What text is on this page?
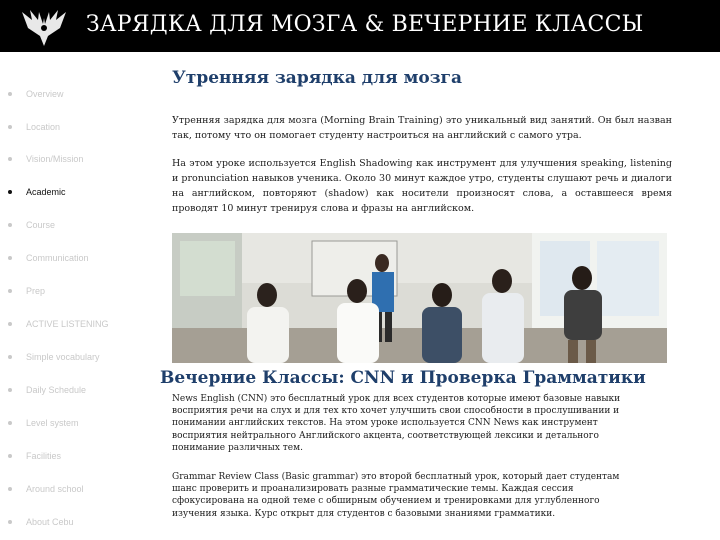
ЗАРЯДКА ДЛЯ МОЗГА & ВЕЧЕРНИЕ КЛАССЫ
Overview
Location
Vision/Mission
Academic
Course
Communication
Prep
ACTIVE LISTENING
Simple vocabulary
Daily Schedule
Level system
Facilities
Around school
About Cebu
Утренняя зарядка для мозга
Утренняя зарядка для мозга (Morning Brain Training) это уникальный вид занятий. Он был назван так, потому что он помогает студенту настроиться на английский с самого утра.
На этом уроке используется English Shadowing как инструмент для улучшения speaking, listening и pronunciation навыков ученика. Около 30 минут каждое утро, студенты слушают речь и диалоги на английском, повторяют (shadow) как носители произносят слова, а оставшееся время проводят 10 минут тренируя слова и фразы на английском.
Вечерние Классы: CNN и Проверка Грамматики
News English (CNN) это бесплатный урок для всех студентов которые имеют базовые навыки восприятия речи на слух и для тех кто хочет улучшить свои способности в прослушивании и понимании английских текстов. На этом уроке используется CNN News как инструмент восприятия нейтрального Английского акцента, соответствующей лексики и детального понимание различных тем.
Grammar Review Class (Basic grammar) это второй бесплатный урок, который дает студентам шанс проверить и проанализировать разные грамматические темы. Каждая сессия сфокусирована на одной теме с обширным обучением и тренировками для углубленного изучения языка. Курс открыт для студентов с базовыми знаниями грамматики.
